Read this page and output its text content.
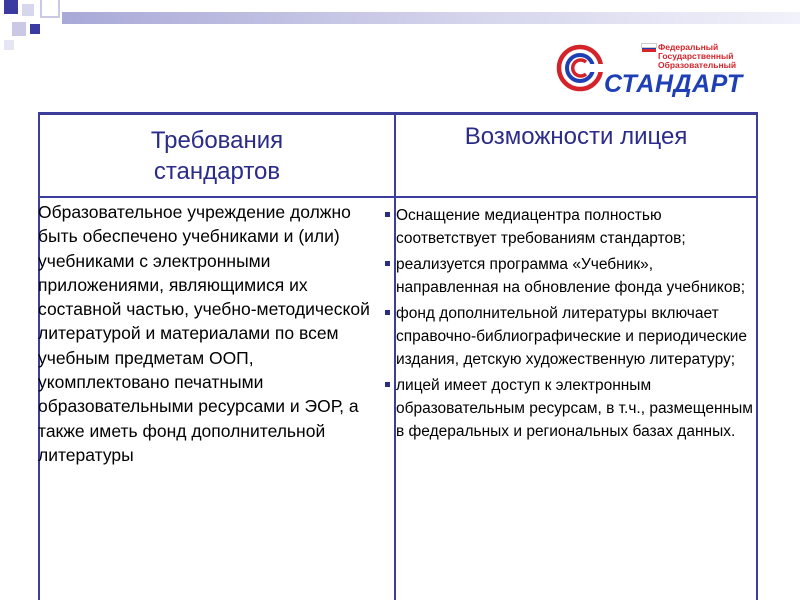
Федеральный
Государственный
Образовательный
СТАНДАРТ
Требования стандартов
Возможности лицея
Образовательное учреждение должно быть обеспечено учебниками и (или) учебниками с электронными приложениями, являющимися их составной частью, учебно-методической литературой и материалами по всем учебным предметам ООП, укомплектовано печатными образовательными ресурсами и ЭОР, а также иметь фонд дополнительной литературы
Оснащение медиацентра полностью соответствует требованиям стандартов;
реализуется программа «Учебник», направленная на обновление фонда учебников;
фонд дополнительной литературы включает справочно-библиографические и периодические издания, детскую художественную литературу;
лицей имеет доступ к электронным образовательным ресурсам, в т.ч., размещенным в федеральных и региональных базах данных.
